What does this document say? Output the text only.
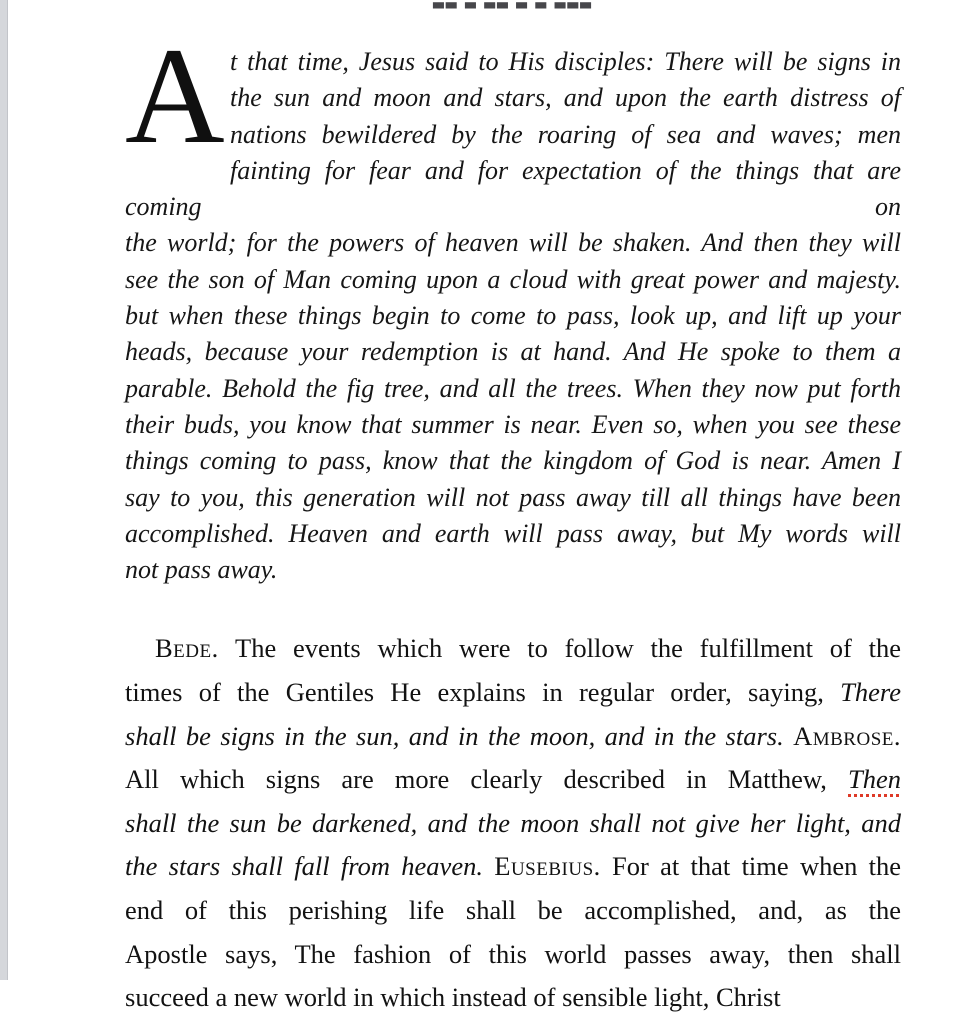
▃▃ ▃ ▃▃ ▃ ▃ ▃▃▃
A t that time, Jesus said to His disciples: There will be signs in
the sun and moon and stars, and upon the earth distress of
nations bewildered by the roaring of sea and waves; men
fainting for fear and for expectation of the things that are coming on
the world; for the powers of heaven will be shaken. And then they will
see the son of Man coming upon a cloud with great power and majesty.
but when these things begin to come to pass, look up, and lift up your
heads, because your redemption is at hand. And He spoke to them a
parable. Behold the fig tree, and all the trees. When they now put forth
their buds, you know that summer is near. Even so, when you see these
things coming to pass, know that the kingdom of God is near. Amen I
say to you, this generation will not pass away till all things have been
accomplished. Heaven and earth will pass away, but My words will
not pass away.
Bede. The events which were to follow the fulfillment of the
times of the Gentiles He explains in regular order, saying, There
shall be signs in the sun, and in the moon, and in the stars. Ambrose.
All which signs are more clearly described in Matthew, Then
shall the sun be darkened, and the moon shall not give her light, and
the stars shall fall from heaven. Eusebius. For at that time when the
end of this perishing life shall be accomplished, and, as the
Apostle says, The fashion of this world passes away, then shall
succeed a new world in which instead of sensible light, Christ
